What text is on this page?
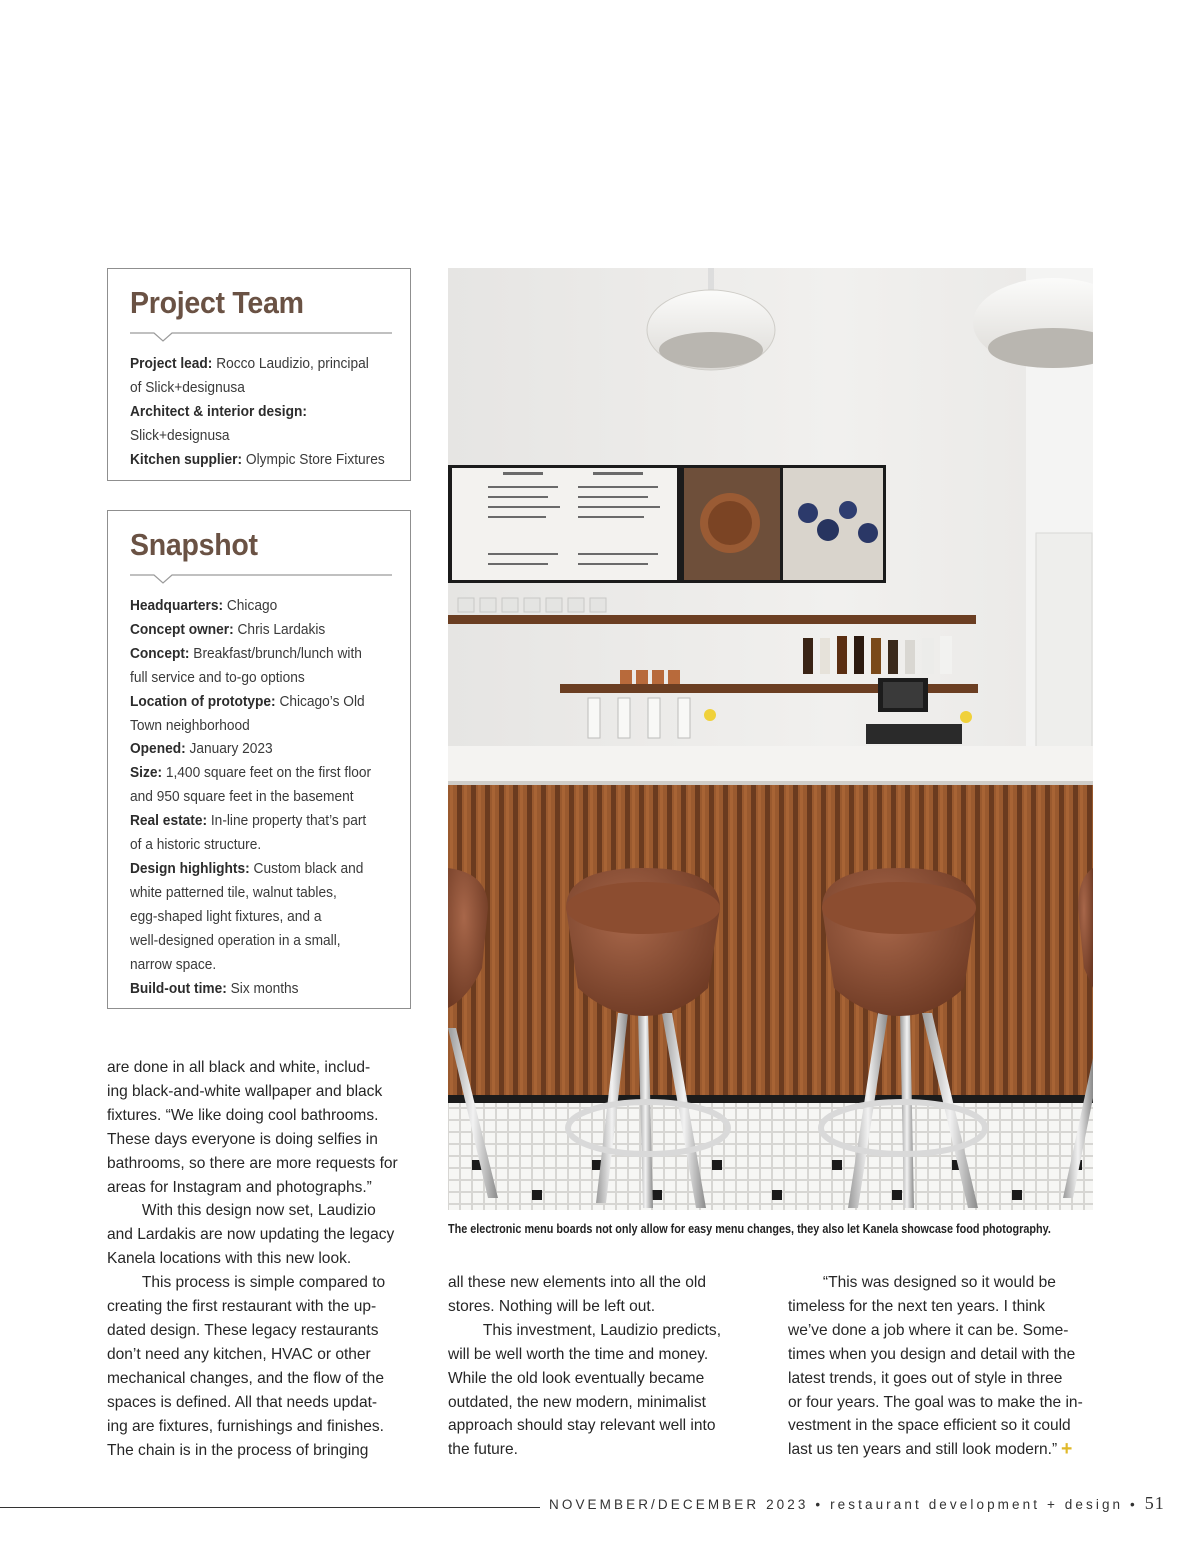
Project Team
Project lead: Rocco Laudizio, principal
of Slick+designusa
Architect & interior design:
Slick+designusa
Kitchen supplier: Olympic Store Fixtures
Snapshot
Headquarters: Chicago
Concept owner: Chris Lardakis
Concept: Breakfast/brunch/lunch with
full service and to-go options
Location of prototype: Chicago’s Old
Town neighborhood
Opened: January 2023
Size: 1,400 square feet on the first floor
and 950 square feet in the basement
Real estate: In-line property that’s part
of a historic structure.
Design highlights: Custom black and
white patterned tile, walnut tables,
egg-shaped light fixtures, and a
well-designed operation in a small,
narrow space.
Build-out time: Six months
are done in all black and white, includ-
ing black-and-white wallpaper and black
fixtures. “We like doing cool bathrooms.
These days everyone is doing selfies in
bathrooms, so there are more requests for
areas for Instagram and photographs.”
With this design now set, Laudizio
and Lardakis are now updating the legacy
Kanela locations with this new look.
This process is simple compared to
creating the first restaurant with the up-
dated design. These legacy restaurants
don’t need any kitchen, HVAC or other
mechanical changes, and the flow of the
spaces is defined. All that needs updat-
ing are fixtures, furnishings and finishes.
The chain is in the process of bringing
all these new elements into all the old
stores. Nothing will be left out.
This investment, Laudizio predicts,
will be well worth the time and money.
While the old look eventually became
outdated, the new modern, minimalist
approach should stay relevant well into
the future.
“This was designed so it would be
timeless for the next ten years. I think
we’ve done a job where it can be. Some-
times when you design and detail with the
latest trends, it goes out of style in three
or four years. The goal was to make the in-
vestment in the space efficient so it could
last us ten years and still look modern.” +
The electronic menu boards not only allow for easy menu changes, they also let Kanela showcase food photography.
NOVEMBER/DECEMBER 2023 • restaurant development + design • 51
